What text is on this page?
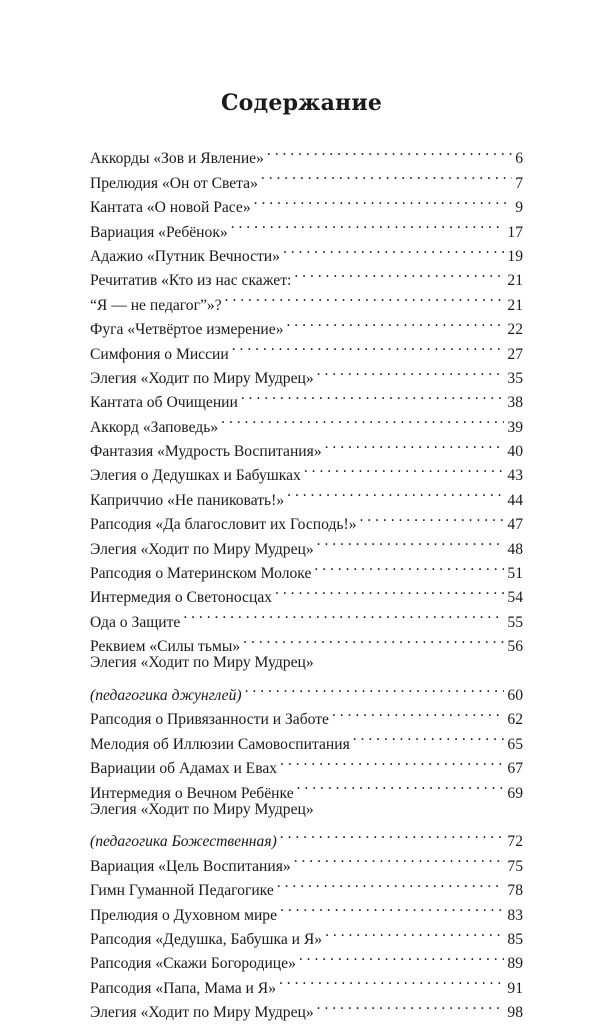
Содержание
Аккорды «Зов и Явление» . . .	6
Прелюдия «Он от Света» . . .	7
Кантата «О новой Расе» . . .	9
Вариация «Ребёнок» . . .	17
Адажио «Путник Вечности» . . .	19
Речитатив «Кто из нас скажет: . . .	21
“Я — не педагог”»? . . .	21
Фуга «Четвёртое измерение» . . .	22
Симфония о Миссии . . .	27
Элегия «Ходит по Миру Мудрец» . . .	35
Кантата об Очищении . . .	38
Аккорд «Заповедь» . . .	39
Фантазия «Мудрость Воспитания» . . .	40
Элегия о Дедушках и Бабушках . . .	43
Каприччио «Не паниковать!» . . .	44
Рапсодия «Да благословит их Господь!» . . .	47
Элегия «Ходит по Миру Мудрец» . . .	48
Рапсодия о Материнском Молоке . . .	51
Интермедия о Светоносцах . . .	54
Ода о Защите . . .	55
Реквием «Силы тьмы» . . .	56
Элегия «Ходит по Миру Мудрец»
(педагогика джунглей) . . .	60
Рапсодия о Привязанности и Заботе . . .	62
Мелодия об Иллюзии Самовоспитания . . .	65
Вариации об Адамах и Евах . . .	67
Интермедия о Вечном Ребёнке . . .	69
Элегия «Ходит по Миру Мудрец»
(педагогика Божественная) . . .	72
Вариация «Цель Воспитания» . . .	75
Гимн Гуманной Педагогике . . .	78
Прелюдия о Духовном мире . . .	83
Рапсодия «Дедушка, Бабушка и Я» . . .	85
Рапсодия «Скажи Богородице» . . .	89
Рапсодия «Папа, Мама и Я» . . .	91
Элегия «Ходит по Миру Мудрец» . . .	98
